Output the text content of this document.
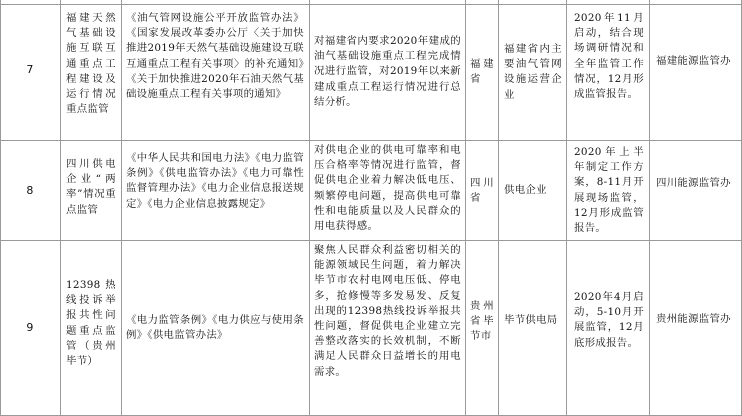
7
福建天然气基础设施互联互通重点工程建设及运行情况重点监管
《油气管网设施公平开放监管办法》《国家发展改革委办公厅〈关于加快推进2019年天然气基础设施建设互联互通重点工程有关事项〉的补充通知》《关于加快推进2020年石油天然气基础设施重点工程有关事项的通知》
对福建省内要求2020年建成的油气基础设施重点工程完成情况进行监管，对2019年以来新建成重点工程运行情况进行总结分析。
福建省
福建省内主要油气管网设施运营企业
2020年11月启动，结合现场调研情况和全年监管工作情况，12月形成监管报告。
福建能源监管办
8
四川供电企业“两率”情况重点监管
《中华人民共和国电力法》《电力监管条例》《供电监管办法》《电力可靠性监督管理办法》《电力企业信息报送规定》《电力企业信息披露规定》
对供电企业的供电可靠率和电压合格率等情况进行监管，督促供电企业着力解决低电压、频繁停电问题，提高供电可靠性和电能质量以及人民群众的用电获得感。
四川省
供电企业
2020年上半年制定工作方案，8-11月开展现场监管，12月形成监管报告。
四川能源监管办
9
12398热线投诉举报共性问题重点监管（贵州毕节）
《电力监管条例》《电力供应与使用条例》《供电监管办法》
聚焦人民群众利益密切相关的能源领域民生问题，着力解决毕节市农村电网电压低、停电多，抢修慢等多发易发、反复出现的12398热线投诉举报共性问题，督促供电企业建立完善整改落实的长效机制，不断满足人民群众日益增长的用电需求。
贵州省毕节市
毕节供电局
2020年4月启动，5-10月开展监管，12月底形成报告。
贵州能源监管办
